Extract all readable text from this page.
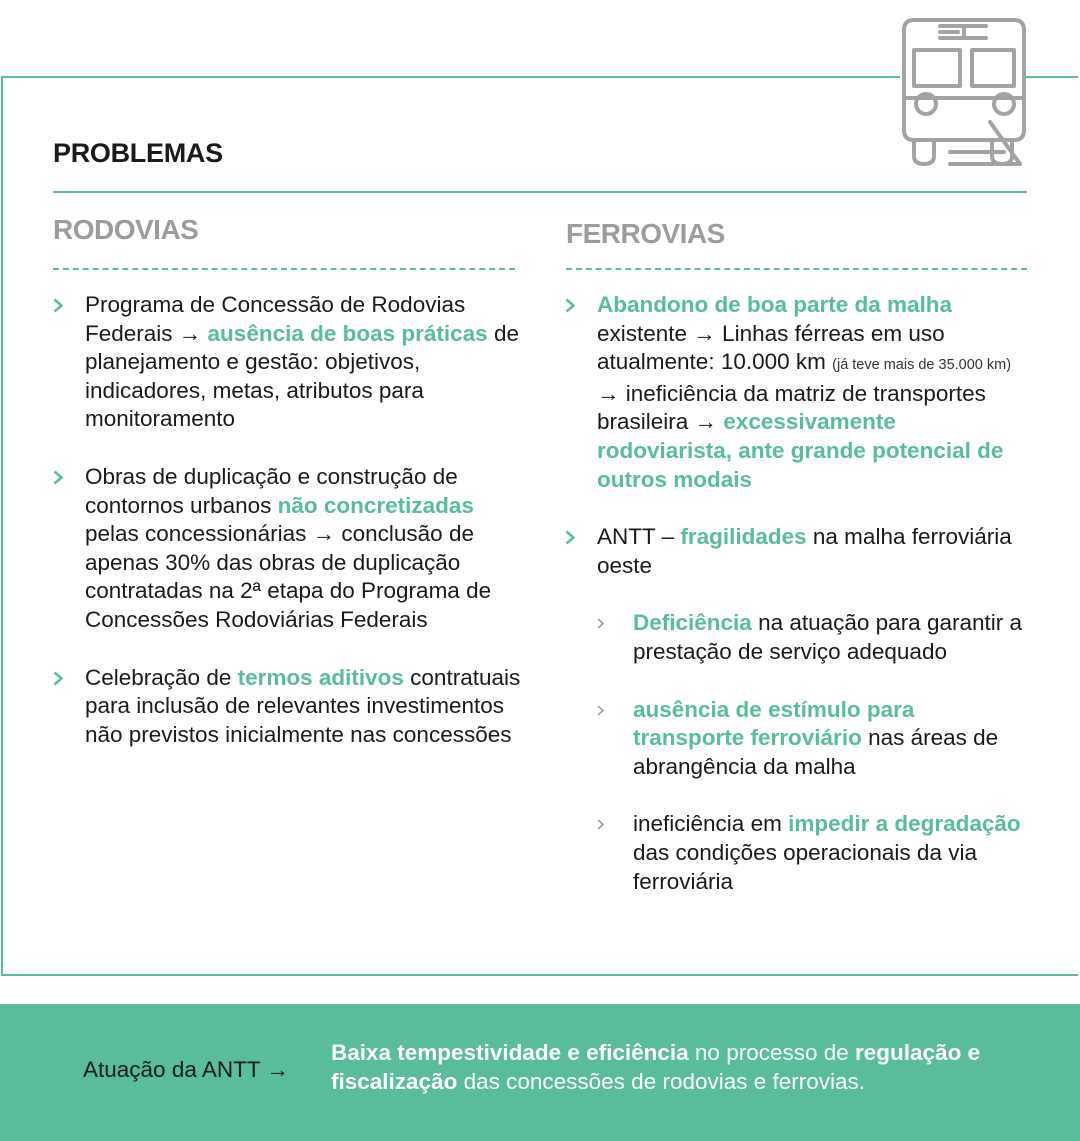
PROBLEMAS
RODOVIAS	FERROVIAS

Programa de Concessão de Rodovias Federais → ausência de boas práticas de planejamento e gestão: objetivos, indicadores, metas, atributos para monitoramento

Obras de duplicação e construção de contornos urbanos não concretizadas pelas concessionárias → conclusão de apenas 30% das obras de duplicação contratadas na 2ª etapa do Programa de Concessões Rodoviárias Federais

Celebração de termos aditivos contratuais para inclusão de relevantes investimentos não previstos inicialmente nas concessões

Abandono de boa parte da malha existente → Linhas férreas em uso atualmente: 10.000 km (já teve mais de 35.000 km) → ineficiência da matriz de transportes brasileira → excessivamente rodoviarista, ante grande potencial de outros modais

ANTT – fragilidades na malha ferroviária oeste

Deficiência na atuação para garantir a prestação de serviço adequado

ausência de estímulo para transporte ferroviário nas áreas de abrangência da malha

ineficiência em impedir a degradação das condições operacionais da via ferroviária

Atuação da ANTT →
Baixa tempestividade e eficiência no processo de regulação e fiscalização das concessões de rodovias e ferrovias.
